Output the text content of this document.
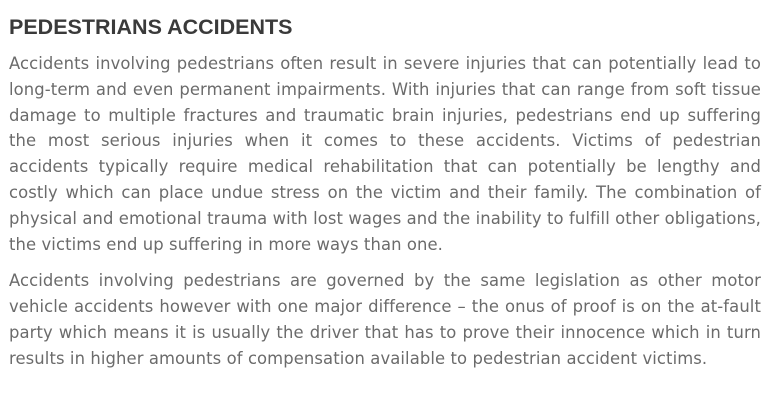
PEDESTRIANS ACCIDENTS

Accidents involving pedestrians often result in severe injuries that can potentially lead to long-term and even permanent impairments. With injuries that can range from soft tissue damage to multiple fractures and traumatic brain injuries, pedestrians end up suffering the most serious injuries when it comes to these accidents. Victims of pedestrian accidents typically require medical rehabilitation that can potentially be lengthy and costly which can place undue stress on the victim and their family. The combination of physical and emotional trauma with lost wages and the inability to fulfill other obligations, the victims end up suffering in more ways than one.

Accidents involving pedestrians are governed by the same legislation as other motor vehicle accidents however with one major difference – the onus of proof is on the at-fault party which means it is usually the driver that has to prove their innocence which in turn results in higher amounts of compensation available to pedestrian accident victims.
